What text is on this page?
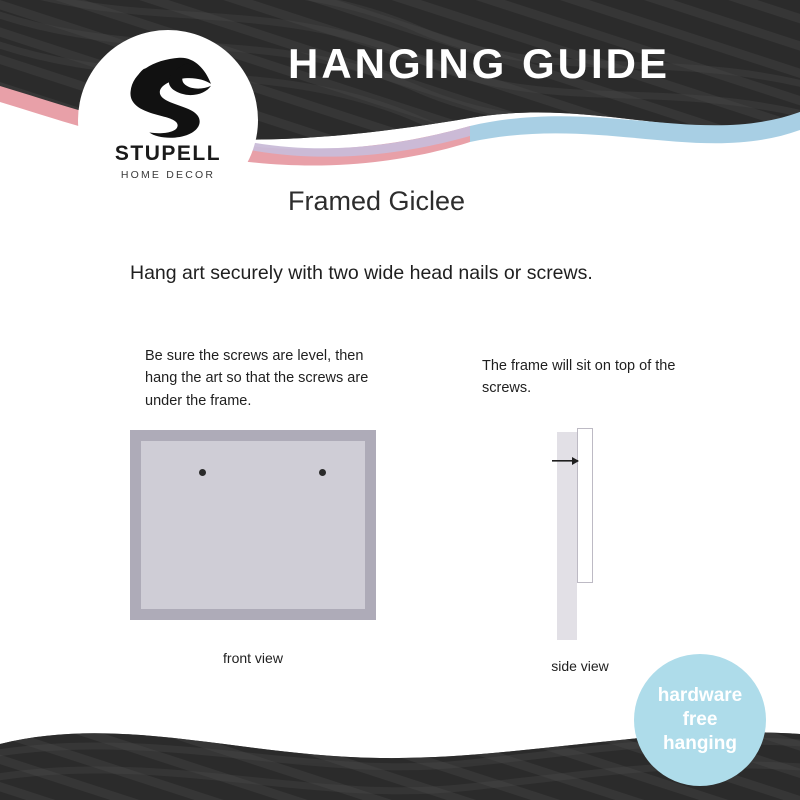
HANGING GUIDE
Framed Giclee
STUPELL
HOME DECOR
Hang art securely with two wide head nails or screws.
Be sure the screws are level, then hang the art so that the screws are under the frame.
front view
The frame will sit on top of the screws.
side view
hardware
free
hanging
